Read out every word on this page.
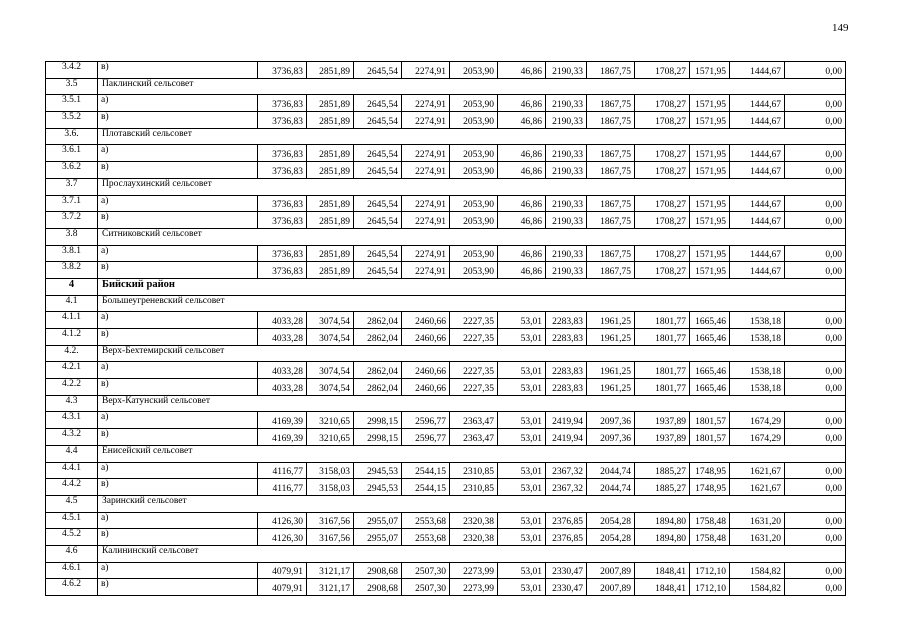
149
3.4.2	в)	3736,83	2851,89	2645,54	2274,91	2053,90	46,86	2190,33	1867,75	1708,27	1571,95	1444,67	0,00
3.5	Паклинский сельсовет												
3.5.1	а)	3736,83	2851,89	2645,54	2274,91	2053,90	46,86	2190,33	1867,75	1708,27	1571,95	1444,67	0,00
3.5.2	в)	3736,83	2851,89	2645,54	2274,91	2053,90	46,86	2190,33	1867,75	1708,27	1571,95	1444,67	0,00
3.6.	Плотавский сельсовет												
3.6.1	а)	3736,83	2851,89	2645,54	2274,91	2053,90	46,86	2190,33	1867,75	1708,27	1571,95	1444,67	0,00
3.6.2	в)	3736,83	2851,89	2645,54	2274,91	2053,90	46,86	2190,33	1867,75	1708,27	1571,95	1444,67	0,00
3.7	Прослаухинский сельсовет												
3.7.1	а)	3736,83	2851,89	2645,54	2274,91	2053,90	46,86	2190,33	1867,75	1708,27	1571,95	1444,67	0,00
3.7.2	в)	3736,83	2851,89	2645,54	2274,91	2053,90	46,86	2190,33	1867,75	1708,27	1571,95	1444,67	0,00
3.8	Ситниковский сельсовет												
3.8.1	а)	3736,83	2851,89	2645,54	2274,91	2053,90	46,86	2190,33	1867,75	1708,27	1571,95	1444,67	0,00
3.8.2	в)	3736,83	2851,89	2645,54	2274,91	2053,90	46,86	2190,33	1867,75	1708,27	1571,95	1444,67	0,00
4	Бийский район												
4.1	Большеугреневский сельсовет												
4.1.1	а)	4033,28	3074,54	2862,04	2460,66	2227,35	53,01	2283,83	1961,25	1801,77	1665,46	1538,18	0,00
4.1.2	в)	4033,28	3074,54	2862,04	2460,66	2227,35	53,01	2283,83	1961,25	1801,77	1665,46	1538,18	0,00
4.2.	Верх-Бехтемирский сельсовет												
4.2.1	а)	4033,28	3074,54	2862,04	2460,66	2227,35	53,01	2283,83	1961,25	1801,77	1665,46	1538,18	0,00
4.2.2	в)	4033,28	3074,54	2862,04	2460,66	2227,35	53,01	2283,83	1961,25	1801,77	1665,46	1538,18	0,00
4.3	Верх-Катунский сельсовет												
4.3.1	а)	4169,39	3210,65	2998,15	2596,77	2363,47	53,01	2419,94	2097,36	1937,89	1801,57	1674,29	0,00
4.3.2	в)	4169,39	3210,65	2998,15	2596,77	2363,47	53,01	2419,94	2097,36	1937,89	1801,57	1674,29	0,00
4.4	Енисейский сельсовет												
4.4.1	а)	4116,77	3158,03	2945,53	2544,15	2310,85	53,01	2367,32	2044,74	1885,27	1748,95	1621,67	0,00
4.4.2	в)	4116,77	3158,03	2945,53	2544,15	2310,85	53,01	2367,32	2044,74	1885,27	1748,95	1621,67	0,00
4.5	Заринский сельсовет												
4.5.1	а)	4126,30	3167,56	2955,07	2553,68	2320,38	53,01	2376,85	2054,28	1894,80	1758,48	1631,20	0,00
4.5.2	в)	4126,30	3167,56	2955,07	2553,68	2320,38	53,01	2376,85	2054,28	1894,80	1758,48	1631,20	0,00
4.6	Калининский сельсовет												
4.6.1	а)	4079,91	3121,17	2908,68	2507,30	2273,99	53,01	2330,47	2007,89	1848,41	1712,10	1584,82	0,00
4.6.2	в)	4079,91	3121,17	2908,68	2507,30	2273,99	53,01	2330,47	2007,89	1848,41	1712,10	1584,82	0,00
